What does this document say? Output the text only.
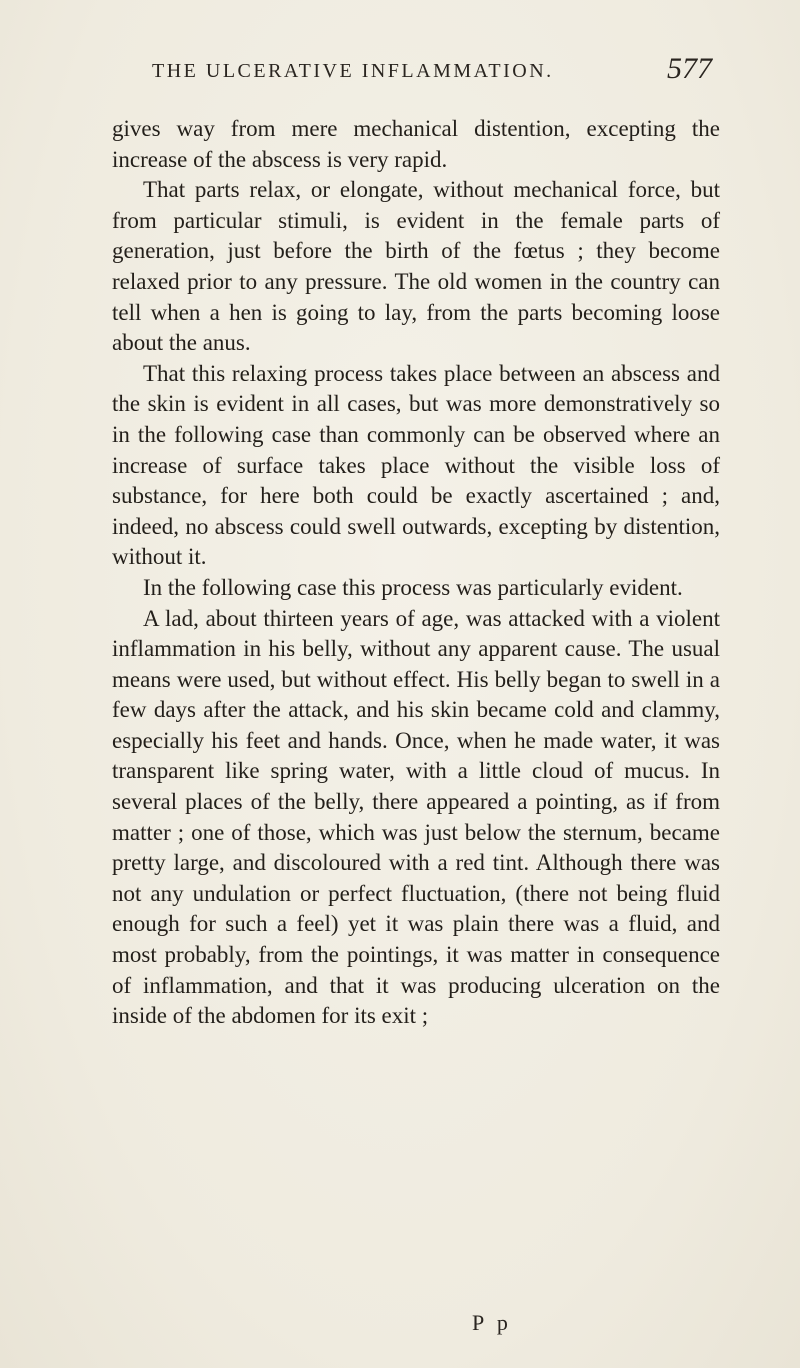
THE ULCERATIVE INFLAMMATION.	577

gives way from mere mechanical distention, excepting the increase of the abscess is very rapid.

That parts relax, or elongate, without mechanical force, but from particular stimuli, is evident in the female parts of generation, just before the birth of the fœtus ; they become relaxed prior to any pressure. The old women in the country can tell when a hen is going to lay, from the parts becoming loose about the anus.

That this relaxing process takes place between an abscess and the skin is evident in all cases, but was more demonstratively so in the following case than commonly can be observed where an increase of surface takes place without the visible loss of substance, for here both could be exactly ascertained ; and, indeed, no abscess could swell outwards, excepting by distention, without it.

In the following case this process was particularly evident.

A lad, about thirteen years of age, was attacked with a violent inflammation in his belly, without any apparent cause. The usual means were used, but without effect. His belly began to swell in a few days after the attack, and his skin became cold and clammy, especially his feet and hands. Once, when he made water, it was transparent like spring water, with a little cloud of mucus. In several places of the belly, there appeared a pointing, as if from matter ; one of those, which was just below the sternum, became pretty large, and discoloured with a red tint. Although there was not any undulation or perfect fluctuation, (there not being fluid enough for such a feel) yet it was plain there was a fluid, and most probably, from the pointings, it was matter in consequence of inflammation, and that it was producing ulceration on the inside of the abdomen for its exit ;

P p
